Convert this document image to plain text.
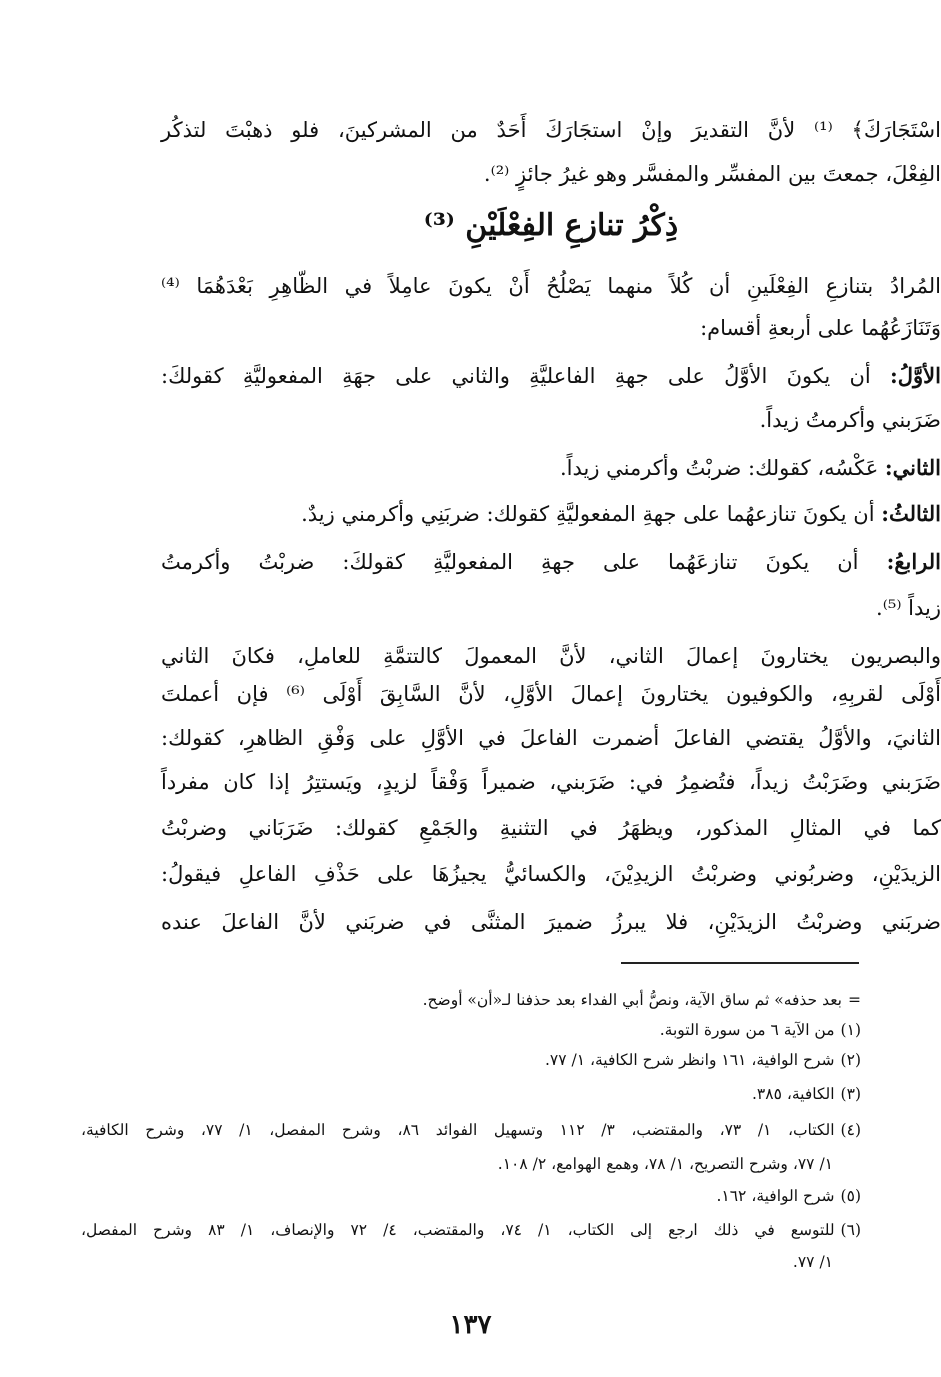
اسْتَجَارَكَ﴾ ⁽¹⁾ لأنَّ التقديرَ وإنْ استجَارَكَ أَحَدٌ من المشركينَ، فلو ذهبْتَ لتذكُر
الفِعْلَ، جمعتَ بين المفسِّر والمفسَّر وهو غيرُ جائزٍ ⁽²⁾.
ذِكْرُ تنازعِ الفِعْلَيْنِ ⁽³⁾
المُرادُ بتنازعِ الفِعْلَينِ أن كُلاً منهما يَصْلُحُ أَنْ يكونَ عامِلاً في الظّاهِرِ بَعْدَهُمَا ⁽⁴⁾
وَتَنَازَعُهُما على أربعةِ أقسام:
الأوَّلُ: أن يكونَ الأوَّلُ على جهةِ الفاعليَّةِ والثاني على جهَةِ المفعوليَّةِ كقولكَ:
ضَرَبني وأكرمتُ زيداً.
الثاني: عَكْسُه، كقولك: ضربْتُ وأكرمني زيداً.
الثالثُ: أن يكونَ تنازعهُما على جهةِ المفعوليَّةِ كقولك: ضربَنِي وأكرمني زيدٌ.
الرابعُ: أن يكونَ تنازعَهُما على جهةِ المفعوليَّةِ كقولكَ: ضربْتُ وأكرمتُ
زيداً ⁽⁵⁾.
والبصريون يختارونَ إعمالَ الثاني، لأنَّ المعمولَ كالتتمَّةِ للعاملِ، فكانَ الثاني
أَوْلَى لقربِهِ، والكوفيون يختارونَ إعمالَ الأوَّلِ، لأنَّ السَّابِقَ أَوْلَى ⁽⁶⁾ فإن أعملتَ
الثانيَ، والأوَّلُ يقتضي الفاعلَ أضمرت الفاعلَ في الأوَّلِ على وَفْقِ الظاهرِ، كقولك:
ضَرَبني وضَرَبْتُ زيداً، فتُضمِرُ في: ضَرَبني، ضميراً وَفْقاً لزيدٍ، ويَستتِرُ إذا كان مفرداً
كما في المثالِ المذكور، ويظهَرُ في التثنيةِ والجَمْعِ كقولك: ضَرَبَاني وضربْتُ
الزيدَيْنِ، وضربُوني وضربْتُ الزيدِيْنَ، والكسائيُّ يجيزُهَا على حَذْفِ الفاعلِ فيقولُ:
ضربَني وضربْتُ الزيدَيْنِ، فلا يبرزُ ضميرَ المثنَّى في ضربَني لأنَّ الفاعلَ عنده
=بعد حذفه» ثم ساق الآية، ونصُّ أبي الفداء بعد حذفنا لـ«أن» أوضح.
(١)من الآية ٦ من سورة التوبة.
(٢)شرح الوافية، ١٦١ وانظر شرح الكافية، ١/ ٧٧.
(٣)الكافية، ٣٨٥.
(٤)الكتاب، ١/ ٧٣، والمقتضب، ٣/ ١١٢ وتسهيل الفوائد ٨٦، وشرح المفصل، ١/ ٧٧، وشرح الكافية،
١/ ٧٧، وشرح التصريح، ١/ ٧٨، وهمع الهوامع، ٢/ ١٠٨.
(٥)شرح الوافية، ١٦٢.
(٦)للتوسع في ذلك ارجع إلى الكتاب، ١/ ٧٤، والمقتضب، ٤/ ٧٢ والإنصاف، ١/ ٨٣ وشرح المفصل،
١/ ٧٧.
١٣٧
